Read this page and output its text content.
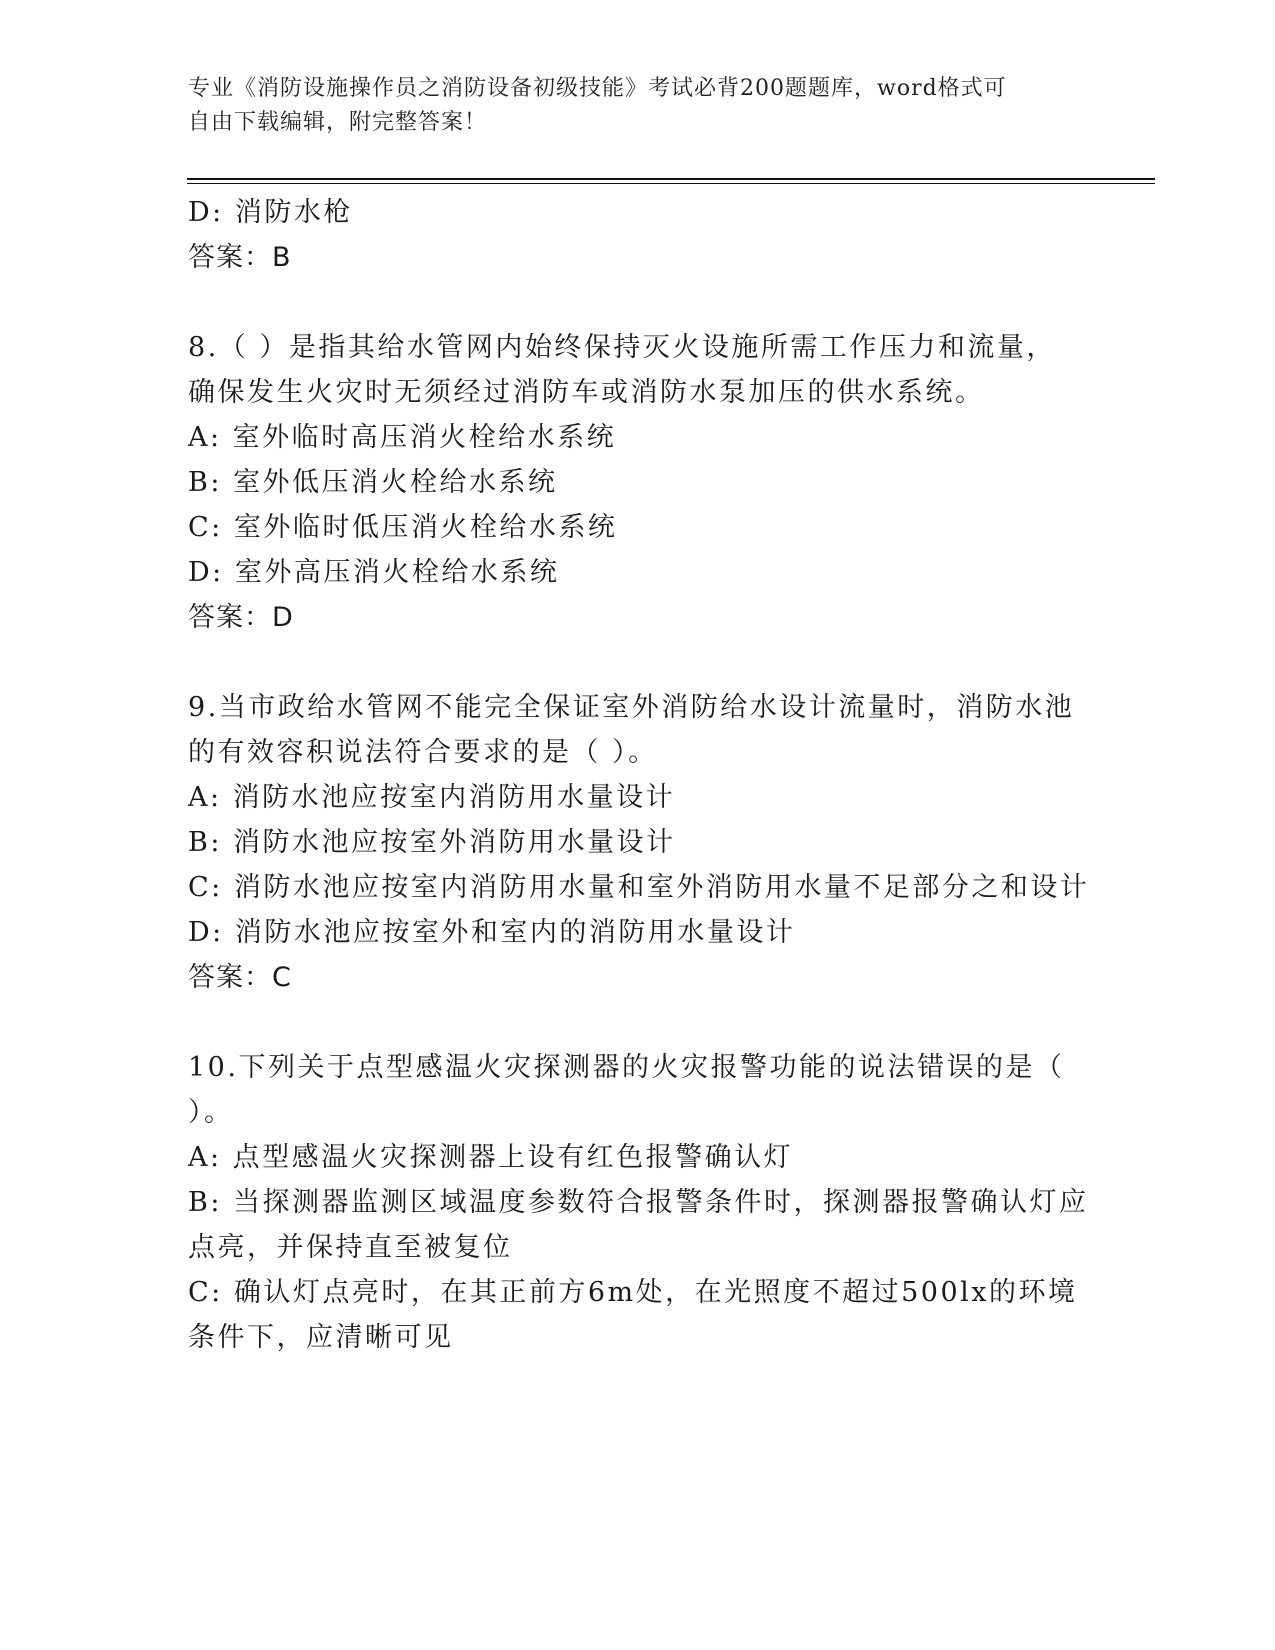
专业《消防设施操作员之消防设备初级技能》考试必背200题题库，word格式可
自由下载编辑，附完整答案！
D: 消防水枪
答案：B
8.（ ）是指其给水管网内始终保持灭火设施所需工作压力和流量，
确保发生火灾时无须经过消防车或消防水泵加压的供水系统。
A: 室外临时高压消火栓给水系统
B: 室外低压消火栓给水系统
C: 室外临时低压消火栓给水系统
D: 室外高压消火栓给水系统
答案：D
9.当市政给水管网不能完全保证室外消防给水设计流量时，消防水池
的有效容积说法符合要求的是（ ）。
A: 消防水池应按室内消防用水量设计
B: 消防水池应按室外消防用水量设计
C: 消防水池应按室内消防用水量和室外消防用水量不足部分之和设计
D: 消防水池应按室外和室内的消防用水量设计
答案：C
10.下列关于点型感温火灾探测器的火灾报警功能的说法错误的是（
）。
A: 点型感温火灾探测器上设有红色报警确认灯
B: 当探测器监测区域温度参数符合报警条件时，探测器报警确认灯应
点亮，并保持直至被复位
C: 确认灯点亮时，在其正前方6m处，在光照度不超过500lx的环境
条件下，应清晰可见
